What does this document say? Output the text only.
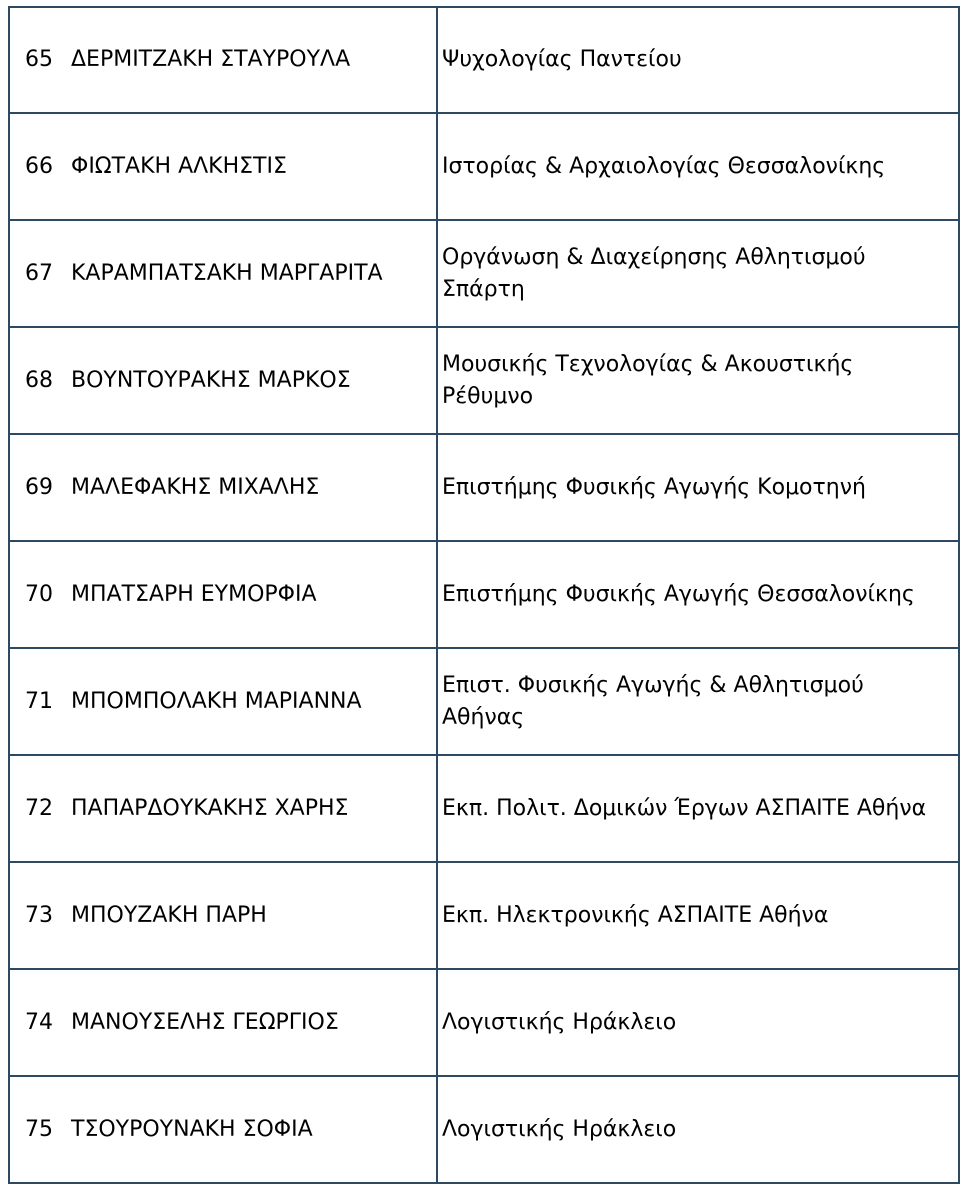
65 ΔΕΡΜΙΤΖΑΚΗ ΣΤΑΥΡΟΥΛΑ	Ψυχολογίας Παντείου

66 ΦΙΩΤΑΚΗ ΑΛΚΗΣΤΙΣ	Ιστορίας & Αρχαιολογίας Θεσσαλονίκης

67 ΚΑΡΑΜΠΑΤΣΑΚΗ ΜΑΡΓΑΡΙΤΑ	Οργάνωση & Διαχείρησης Αθλητισμού
Σπάρτη

68 ΒΟΥΝΤΟΥΡΑΚΗΣ ΜΑΡΚΟΣ	Μουσικής Τεχνολογίας & Ακουστικής
Ρέθυμνο

69 ΜΑΛΕΦΑΚΗΣ ΜΙΧΑΛΗΣ	Επιστήμης Φυσικής Αγωγής Κομοτηνή

70 ΜΠΑΤΣΑΡΗ ΕΥΜΟΡΦΙΑ	Επιστήμης Φυσικής Αγωγής Θεσσαλονίκης

71 ΜΠΟΜΠΟΛΑΚΗ ΜΑΡΙΑΝΝΑ	Επιστ. Φυσικής Αγωγής & Αθλητισμού
Αθήνας

72 ΠΑΠΑΡΔΟΥΚΑΚΗΣ ΧΑΡΗΣ	Εκπ. Πολιτ. Δομικών Έργων ΑΣΠΑΙΤΕ Αθήνα

73 ΜΠΟΥΖΑΚΗ ΠΑΡΗ	Εκπ. Ηλεκτρονικής ΑΣΠΑΙΤΕ Αθήνα

74 ΜΑΝΟΥΣΕΛΗΣ ΓΕΩΡΓΙΟΣ	Λογιστικής Ηράκλειο

75 ΤΣΟΥΡΟΥΝΑΚΗ ΣΟΦΙΑ	Λογιστικής Ηράκλειο
